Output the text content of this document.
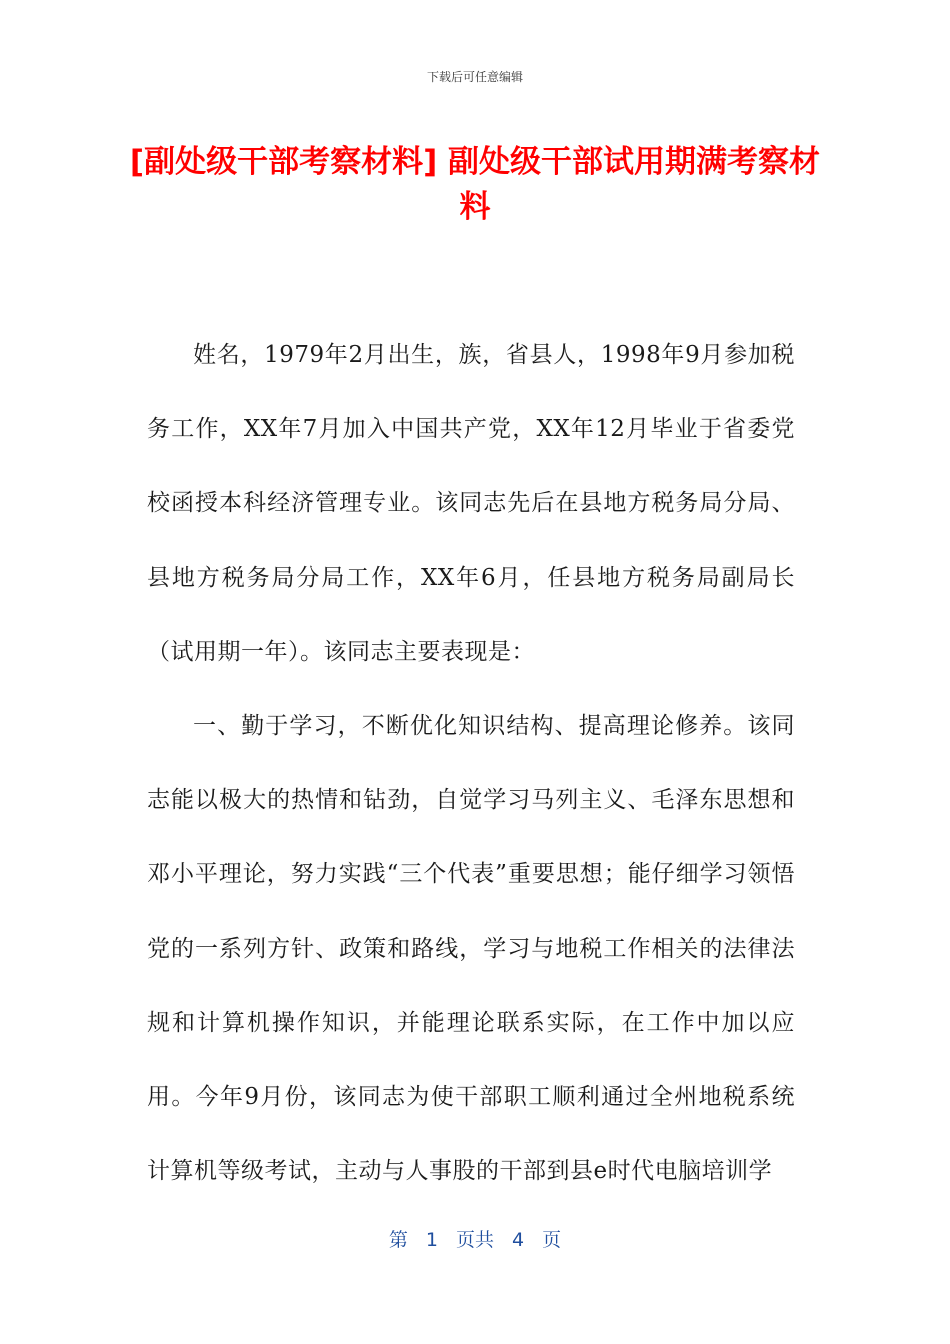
下载后可任意编辑
[副处级干部考察材料] 副处级干部试用期满考察材料

姓名，1979年2月出生，族，省县人，1998年9月参加税务工作，XX年7月加入中国共产党，XX年12月毕业于省委党校函授本科经济管理专业。该同志先后在县地方税务局分局、县地方税务局分局工作，XX年6月，任县地方税务局副局长（试用期一年）。该同志主要表现是：

一、勤于学习，不断优化知识结构、提高理论修养。该同志能以极大的热情和钻劲，自觉学习马列主义、毛泽东思想和邓小平理论，努力实践“三个代表”重要思想；能仔细学习领悟党的一系列方针、政策和路线，学习与地税工作相关的法律法规和计算机操作知识，并能理论联系实际，在工作中加以应用。今年9月份，该同志为使干部职工顺利通过全州地税系统计算机等级考试，主动与人事股的干部到县e时代电脑培训学

第 1 页共 4 页
